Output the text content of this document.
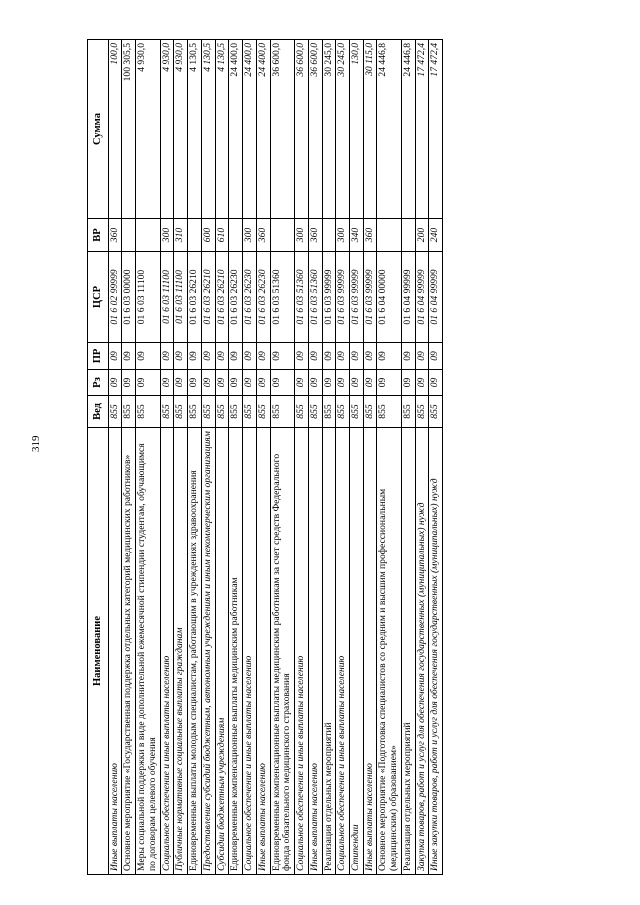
319
Наименование	Вед	Рз	ПР	ЦСР	ВР	Сумма
Иные выплаты населению	855	09	09	01 6 02 99999	360	100,0
Основное мероприятие «Государственная поддержка отдельных категорий медицинских работников»	855	09	09	01 6 03 00000		100 305,5
Меры социальной поддержки в виде дополнительной ежемесячной стипендии студентам, обучающимся по договорам целевого обучения	855	09	09	01 6 03 11100		4 930,0
Социальное обеспечение и иные выплаты населению	855	09	09	01 6 03 11100	300	4 930,0
Публичные нормативные социальные выплаты гражданам	855	09	09	01 6 03 11100	310	4 930,0
Единовременные выплаты молодым специалистам, работающим в учреждениях здравоохранения	855	09	09	01 6 03 26210		4 130,5
Предоставление субсидий бюджетным, автономным учреждениям и иным некоммерческим организациям	855	09	09	01 6 03 26210	600	4 130,5
Субсидии бюджетным учреждениям	855	09	09	01 6 03 26210	610	4 130,5
Единовременные компенсационные выплаты медицинским работникам	855	09	09	01 6 03 26230		24 400,0
Социальное обеспечение и иные выплаты населению	855	09	09	01 6 03 26230	300	24 400,0
Иные выплаты населению	855	09	09	01 6 03 26230	360	24 400,0
Единовременные компенсационные выплаты медицинским работникам за счет средств Федерального фонда обязательного медицинского страхования	855	09	09	01 6 03 51360		36 600,0
Социальное обеспечение и иные выплаты населению	855	09	09	01 6 03 51360	300	36 600,0
Иные выплаты населению	855	09	09	01 6 03 51360	360	36 600,0
Реализация отдельных мероприятий	855	09	09	01 6 03 99999		30 245,0
Социальное обеспечение и иные выплаты населению	855	09	09	01 6 03 99999	300	30 245,0
Стипендии	855	09	09	01 6 03 99999	340	130,0
Иные выплаты населению	855	09	09	01 6 03 99999	360	30 115,0
Основное мероприятие «Подготовка специалистов со средним и высшим профессиональным (медицинским) образованием»	855	09	09	01 6 04 00000		24 446,8
Реализация отдельных мероприятий	855	09	09	01 6 04 99999		24 446,8
Закупка товаров, работ и услуг для обеспечения государственных (муниципальных) нужд	855	09	09	01 6 04 99999	200	17 472,4
Иные закупки товаров, работ и услуг для обеспечения государственных (муниципальных) нужд	855	09	09	01 6 04 99999	240	17 472,4
